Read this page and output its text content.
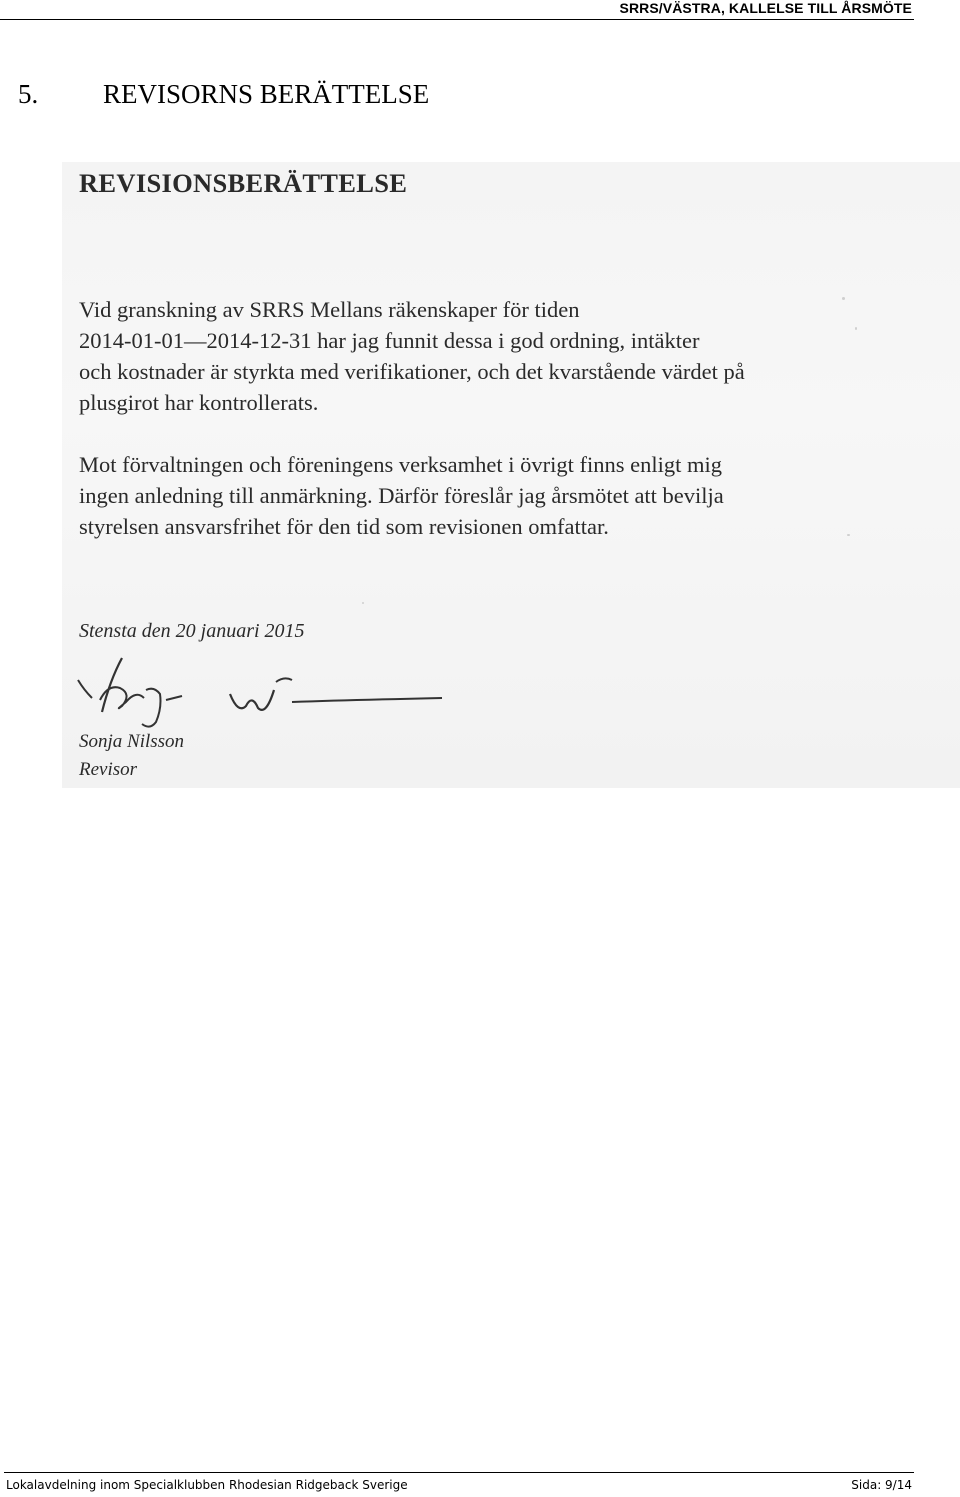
SRRS/VÄSTRA, KALLELSE TILL ÅRSMÖTE
5. REVISORNS BERÄTTELSE
REVISIONSBERÄTTELSE

Vid granskning av SRRS Mellans räkenskaper för tiden
2014-01-01—2014-12-31 har jag funnit dessa i god ordning, intäkter
och kostnader är styrkta med verifikationer, och det kvarstående värdet på
plusgirot har kontrollerats.

Mot förvaltningen och föreningens verksamhet i övrigt finns enligt mig
ingen anledning till anmärkning. Därför föreslår jag årsmötet att bevilja
styrelsen ansvarsfrihet för den tid som revisionen omfattar.

Stensta den 20 januari 2015
Sonja Nilsson
Revisor
Lokalavdelning inom Specialklubben Rhodesian Ridgeback Sverige	Sida: 9/14
